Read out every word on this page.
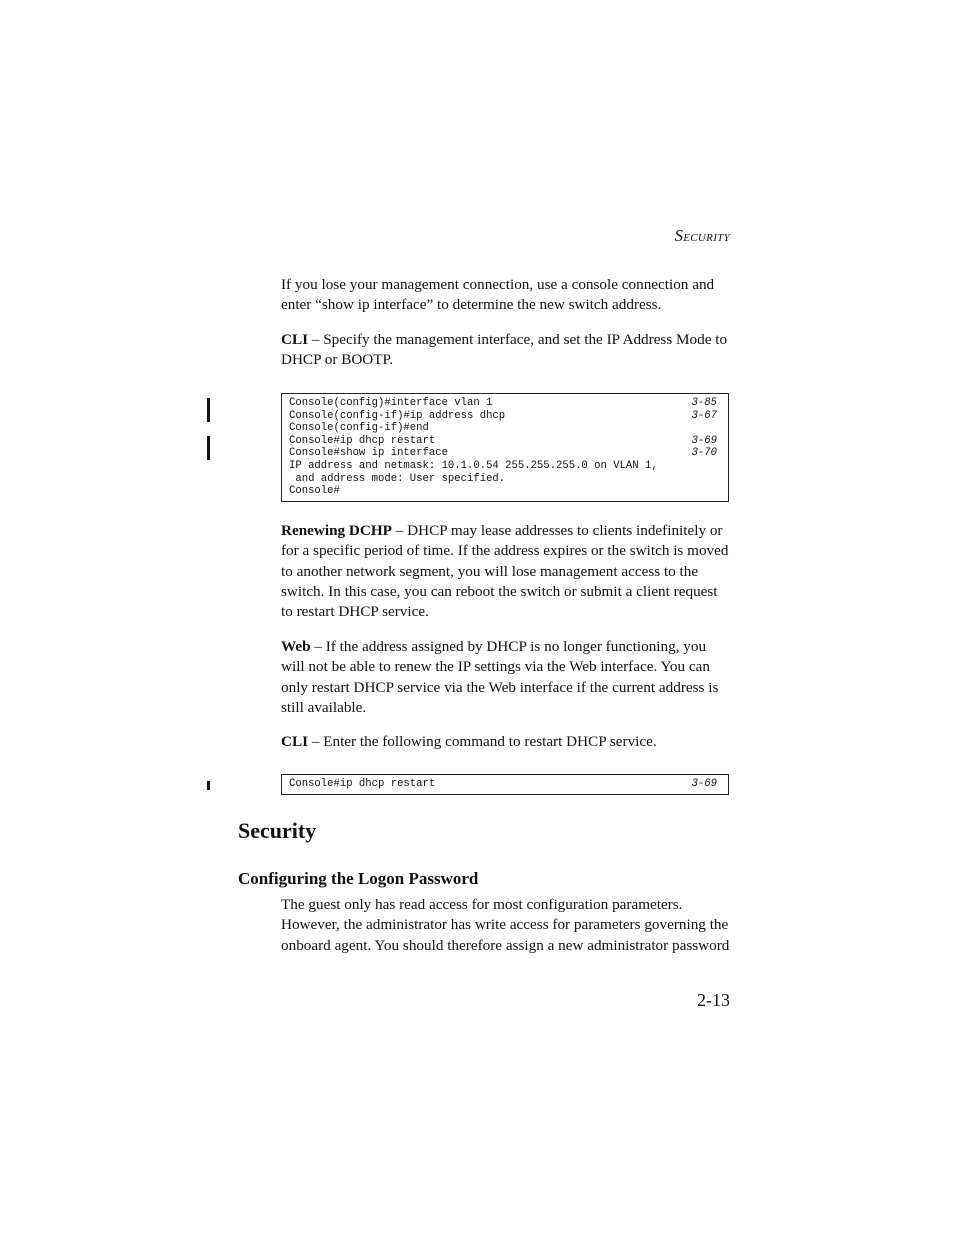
SECURITY

If you lose your management connection, use a console connection and enter “show ip interface” to determine the new switch address.

CLI – Specify the management interface, and set the IP Address Mode to DHCP or BOOTP.

Console(config)#interface vlan 1	3-85
Console(config-if)#ip address dhcp	3-67
Console(config-if)#end
Console#ip dhcp restart	3-69
Console#show ip interface	3-70
IP address and netmask: 10.1.0.54 255.255.255.0 on VLAN 1,
and address mode: User specified.
Console#

Renewing DCHP – DHCP may lease addresses to clients indefinitely or for a specific period of time. If the address expires or the switch is moved to another network segment, you will lose management access to the switch. In this case, you can reboot the switch or submit a client request to restart DHCP service.

Web – If the address assigned by DHCP is no longer functioning, you will not be able to renew the IP settings via the Web interface. You can only restart DHCP service via the Web interface if the current address is still available.

CLI – Enter the following command to restart DHCP service.

Console#ip dhcp restart	3-69
Security
Configuring the Logon Password

The guest only has read access for most configuration parameters. However, the administrator has write access for parameters governing the onboard agent. You should therefore assign a new administrator password

2-13
